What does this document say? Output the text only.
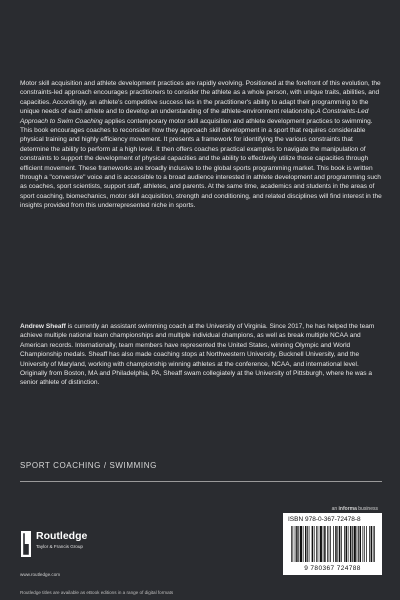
Motor skill acquisition and athlete development practices are rapidly evolving. Positioned at the forefront of this evolution, the constraints-led approach encourages practitioners to consider the athlete as a whole person, with unique traits, abilities, and capacities. Accordingly, an athlete's competitive success lies in the practitioner's ability to adapt their programming to the unique needs of each athlete and to develop an understanding of the athlete-environment relationship.A Constraints-Led Approach to Swim Coaching applies contemporary motor skill acquisition and athlete development practices to swimming. This book encourages coaches to reconsider how they approach skill development in a sport that requires considerable physical training and highly efficiency movement. It presents a framework for identifying the various constraints that determine the ability to perform at a high level. It then offers coaches practical examples to navigate the manipulation of constraints to support the development of physical capacities and the ability to effectively utilize those capacities through efficient movement. These frameworks are broadly inclusive to the global sports programming market. This book is written through a "conversive" voice and is accessible to a broad audience interested in athlete development and programming such as coaches, sport scientists, support staff, athletes, and parents. At the same time, academics and students in the areas of sport coaching, biomechanics, motor skill acquisition, strength and conditioning, and related disciplines will find interest in the insights provided from this underrepresented niche in sports.

Andrew Sheaff is currently an assistant swimming coach at the University of Virginia. Since 2017, he has helped the team achieve multiple national team championships and multiple individual champions, as well as break multiple NCAA and American records. Internationally, team members have represented the United States, winning Olympic and World Championship medals. Sheaff has also made coaching stops at Northwestern University, Bucknell University, and the University of Maryland, working with championship winning athletes at the conference, NCAA, and international level. Originally from Boston, MA and Philadelphia, PA, Sheaff swam collegiately at the University of Pittsburgh, where he was a senior athlete of distinction.

SPORT COACHING / SWIMMING
an informa business
Routledge
Taylor & Francis Group
www.routledge.com
Routledge titles are available as eBook editions in a range of digital formats
ISBN 978-0-367-72478-8
9 780367 724788
